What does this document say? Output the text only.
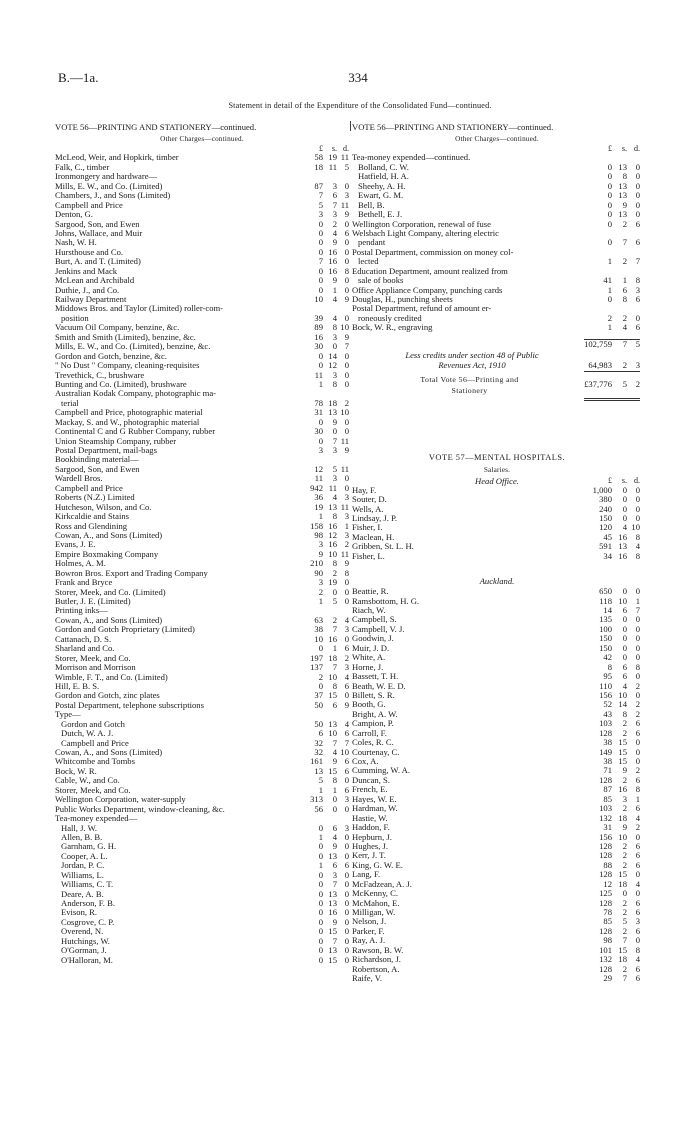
B.—1a.	334
Statement in detail of the Expenditure of the Consolidated Fund—continued.
VOTE 56—PRINTING AND STATIONERY—continued.
Other Charges—continued.
£	s. d.
McLeod, Weir, and Hopkirk, timber	58 19 11
Falk, C., timber	18 11 5
Ironmongery and hardware—
Mills, E. W., and Co. (Limited)	87	3 0
Chambers, J., and Sons (Limited)	7	6 3
Campbell and Price	5	7 11
Denton, G.	3	3 9
Sargood, Son, and Ewen	0	2 0
Johns, Wallace, and Muir	0	4 6
Nash, W. H.	0	9 0
Hursthouse and Co.	0 16 0
Burt, A. and T. (Limited)	7 16 0
Jenkins and Mack	0 16 8
McLean and Archibald	0	9 0
Duthie, J., and Co.	0	1 0
Railway Department	10	4 9
Middows Bros. and Taylor (Limited) roller-com-
position	39	4 0
Vacuum Oil Company, benzine, &c.	89	8 10
Smith and Smith (Limited), benzine, &c.	16	3 9
Mills, E. W., and Co. (Limited), benzine, &c.	30	0 7
Gordon and Gotch, benzine, &c.	0 14 0
" No Dust " Company, cleaning-requisites	0 12 0
Trevethick, C., brushware	11	3 0
Bunting and Co. (Limited), brushware	1	8 0
Australian Kodak Company, photographic ma-
terial	78 18 2
Campbell and Price, photographic material	31 13 10
Mackay, S. and W., photographic material	0	9 0
Continental C and G Rubber Company, rubber	30	0 0
Union Steamship Company, rubber	0	7 11
Postal Department, mail-bags	3	3 9
Bookbinding material—
Sargood, Son, and Ewen	12	5 11
Wardell Bros.	11	3 0
Campbell and Price	942 11 0
Roberts (N.Z.) Limited	36	4 3
Hutcheson, Wilson, and Co.	19 13 11
Kirkcaldie and Stains	1	8 3
Ross and Glendining	158 16 1
Cowan, A., and Sons (Limited)	98 12 3
Evans, J. E.	3 16 2
Empire Boxmaking Company	9 10 11
Holmes, A. M.	210	8 9
Bowron Bros. Export and Trading Company	90	2 8
Frank and Bryce	3 19 0
Storer, Meek, and Co. (Limited)	2	0 0
Butler, J. E. (Limited)	1	5 0
Printing inks—
Cowan, A., and Sons (Limited)	63	2 4
Gordon and Gotch Proprietary (Limited)	38	7 3
Cattanach, D. S.	10 16 0
Sharland and Co.	0	1 6
Storer, Meek, and Co.	197 18 2
Morrison and Morrison	137	7 3
Wimble, F. T., and Co. (Limited)	2 10 4
Hill, E. B. S.	0	8 6
Gordon and Gotch, zinc plates	37 15 0
Postal Department, telephone subscriptions	50	6 9
Type—
Gordon and Gotch	50 13 4
Dutch, W. A. J.	6 10 6
Campbell and Price	32	7 7
Cowan, A., and Sons (Limited)	32	4 10
Whitcombe and Tombs	161	9 6
Bock, W. R.	13 15 6
Cable, W., and Co.	5	8 0
Storer, Meek, and Co.	1	1 6
Wellington Corporation, water-supply	313	0 3
Public Works Department, window-cleaning, &c.	56	0 0
Tea-money expended—
Hall, J. W.	0	6 3
Allen, B. B.	1	4 0
Garnham, G. H.	0	9 0
Cooper, A. L.	0 13 0
Jordan, P. C.	1	6 6
Williams, L.	0	3 0
Williams, C. T.	0	7 0
Deare, A. B.	0 13 0
Anderson, F. B.	0 13 0
Evison, R.	0 16 0
Cosgrove, C. P.	0	9 0
Overend, N.	0 15 0
Hutchings, W.	0	7 0
O'Gorman, J.	0 13 0
O'Halloran, M.	0 15 0
VOTE 56—PRINTING AND STATIONERY—continued.
Other Charges—continued.
£	s. d.
Tea-money expended—continued.
Bolland, C. W.	0 13	0
Hatfield, H. A.	0	8	0
Sheehy, A. H.	0 13	0
Ewart, G. M.	0 13	0
Bell, B.	0	9	0
Bethell, E. J.	0 13	0
Wellington Corporation, renewal of fuse	0	2	6
Welsbach Light Company, altering electric
pendant	0	7	6
Postal Department, commission on money col-
lected	1	2	7
Education Department, amount realized from
sale of books	41	1	8
Office Appliance Company, punching cards	1	6	3
Douglas, H., punching sheets	0	8	6
Postal Department, refund of amount er-
roneously credited	2	2	0
Bock, W. R., engraving	1	4	6
102,759	7	5
Less credits under section 48 of Public
Revenues Act, 1910	64,983	2	3
Total Vote 56—Printing and
Stationery
£37,776	5	2
VOTE 57—MENTAL HOSPITALS.
Salaries.
Head Office.	£	s. d.
Hay, F.	1,000	0	0
Souter, D.	380	0	0
Wells, A.	240	0	0
Lindsay, J. P.	150	0	0
Fisher, I.	120	4 10
Maclean, H.	45 16	8
Gribben, St. L. H.	591 13	4
Fisher, L.	34 16	8
Auckland.
Beattie, R.	650	0	0
Ramsbottom, H. G.	118 10	1
Riach, W.	14	6	7
Campbell, S.	135	0	0
Campbell, V. J.	100	0	0
Goodwin, J.	150	0	0
Muir, J. D.	150	0	0
White, A.	42	0	0
Horne, J.	8	6	8
Bassett, T. H.	95	6	0
Beath, W. E. D.	110	4	2
Billett, S. R.	156 10	0
Booth, G.	52 14	2
Bright, A. W.	43	8	2
Campion, P.	103	2	6
Carroll, F.	128	2	6
Coles, R. C.	38 15	0
Courtenay, C.	149 15	0
Cox, A.	38 15	0
Cumming, W. A.	71	9	2
Duncan, S.	128	2	6
French, E.	87 16	8
Hayes, W. E.	85	3	1
Hardman, W.	103	2	6
Hastie, W.	132 18	4
Haddon, F.	31	9	2
Hepburn, J.	156 10	0
Hughes, J.	128	2	6
Kerr, J. T.	128	2	6
King, G. W. E.	88	2	6
Lang, F.	128 15	0
McFadzean, A. J.	12 18	4
McKenny, C.	125	0	0
McMahon, E.	128	2	6
Milligan, W.	78	2	6
Nelson, J.	85	5	3
Parker, F.	128	2	6
Ray, A. J.	98	7	0
Rawson, B. W.	101 15	8
Richardson, J.	132 18	4
Robertson, A.	128	2	6
Raife, V.	29	7	6
